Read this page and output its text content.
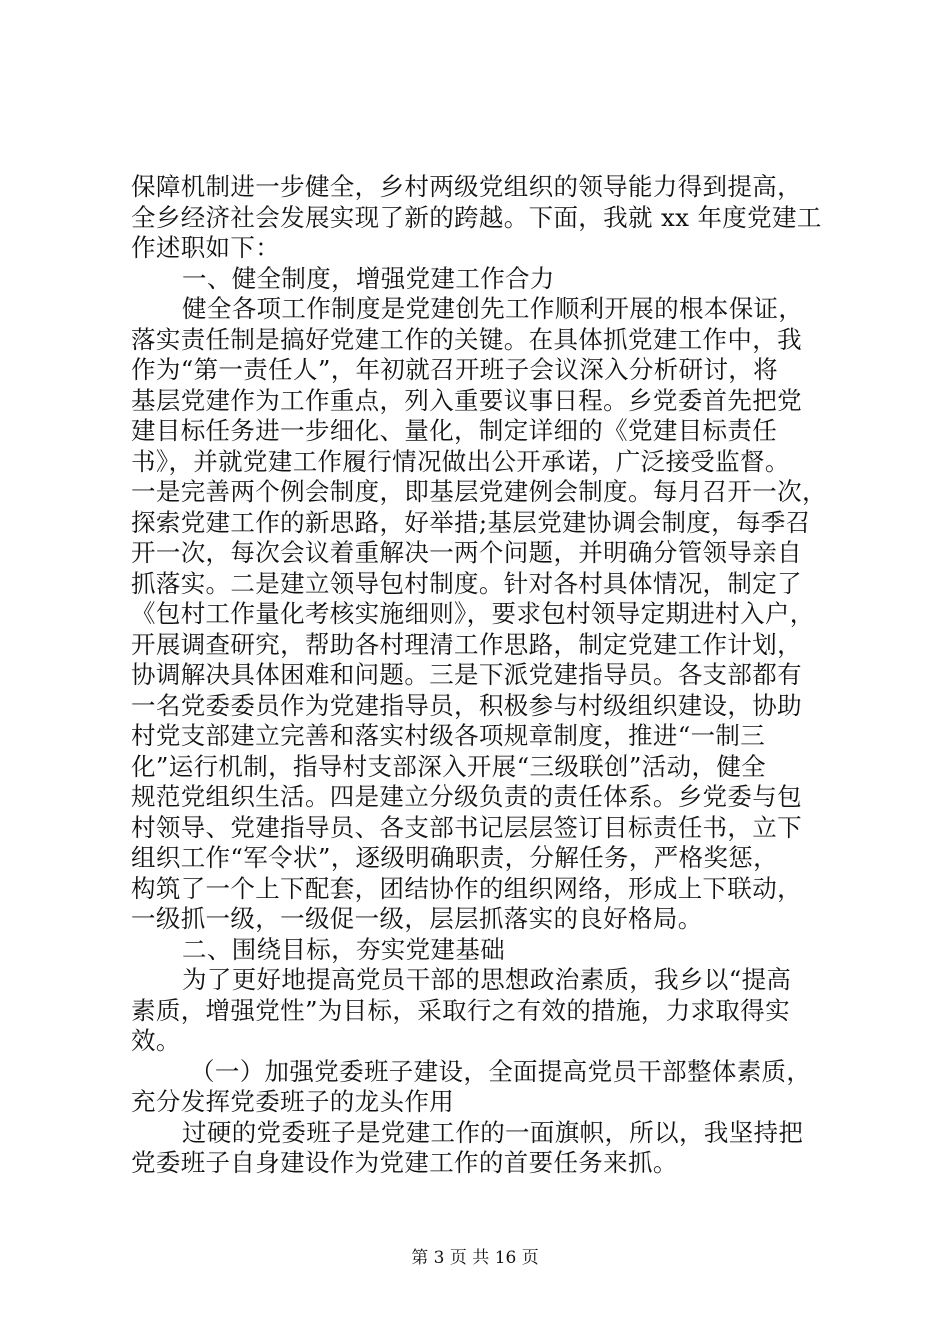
保障机制进一步健全，乡村两级党组织的领导能力得到提高，
全乡经济社会发展实现了新的跨越。下面，我就 xx 年度党建工
作述职如下：
一、健全制度，增强党建工作合力
健全各项工作制度是党建创先工作顺利开展的根本保证，
落实责任制是搞好党建工作的关键。在具体抓党建工作中，我
作为“第一责任人”，年初就召开班子会议深入分析研讨，将
基层党建作为工作重点，列入重要议事日程。乡党委首先把党
建目标任务进一步细化、量化，制定详细的《党建目标责任
书》，并就党建工作履行情况做出公开承诺，广泛接受监督。
一是完善两个例会制度，即基层党建例会制度。每月召开一次，
探索党建工作的新思路，好举措;基层党建协调会制度，每季召
开一次，每次会议着重解决一两个问题，并明确分管领导亲自
抓落实。二是建立领导包村制度。针对各村具体情况，制定了
《包村工作量化考核实施细则》，要求包村领导定期进村入户，
开展调查研究，帮助各村理清工作思路，制定党建工作计划，
协调解决具体困难和问题。三是下派党建指导员。各支部都有
一名党委委员作为党建指导员，积极参与村级组织建设，协助
村党支部建立完善和落实村级各项规章制度，推进“一制三
化”运行机制，指导村支部深入开展“三级联创”活动，健全
规范党组织生活。四是建立分级负责的责任体系。乡党委与包
村领导、党建指导员、各支部书记层层签订目标责任书，立下
组织工作“军令状”，逐级明确职责，分解任务，严格奖惩，
构筑了一个上下配套，团结协作的组织网络，形成上下联动，
一级抓一级，一级促一级，层层抓落实的良好格局。
二、围绕目标，夯实党建基础
为了更好地提高党员干部的思想政治素质，我乡以“提高
素质，增强党性”为目标，采取行之有效的措施，力求取得实
效。
（一）加强党委班子建设，全面提高党员干部整体素质，
充分发挥党委班子的龙头作用
过硬的党委班子是党建工作的一面旗帜，所以，我坚持把
党委班子自身建设作为党建工作的首要任务来抓。
第 3 页 共 16 页
